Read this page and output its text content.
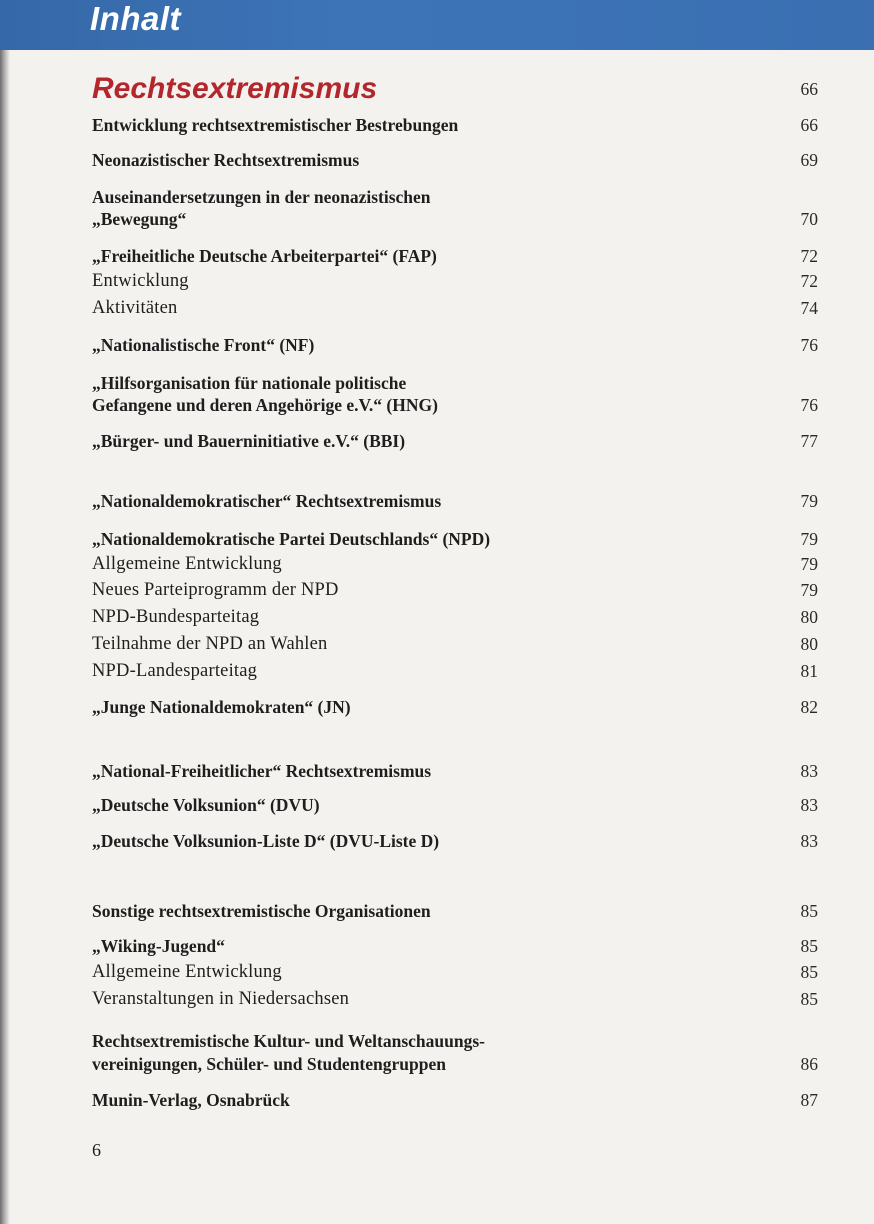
Inhalt
Rechtsextremismus	66
Entwicklung rechtsextremistischer Bestrebungen	66
Neonazistischer Rechtsextremismus	69
Auseinandersetzungen in der neonazistischen
„Bewegung“	70
„Freiheitliche Deutsche Arbeiterpartei“ (FAP)	72
Entwicklung	72
Aktivitäten	74
„Nationalistische Front“ (NF)	76
„Hilfsorganisation für nationale politische
Gefangene und deren Angehörige e.V.“ (HNG)	76
„Bürger- und Bauerninitiative e.V.“ (BBI)	77
„Nationaldemokratischer“ Rechtsextremismus	79
„Nationaldemokratische Partei Deutschlands“ (NPD)	79
Allgemeine Entwicklung	79
Neues Parteiprogramm der NPD	79
NPD-Bundesparteitag	80
Teilnahme der NPD an Wahlen	80
NPD-Landesparteitag	81
„Junge Nationaldemokraten“ (JN)	82
„National-Freiheitlicher“ Rechtsextremismus	83
„Deutsche Volksunion“ (DVU)	83
„Deutsche Volksunion-Liste D“ (DVU-Liste D)	83
Sonstige rechtsextremistische Organisationen	85
„Wiking-Jugend“	85
Allgemeine Entwicklung	85
Veranstaltungen in Niedersachsen	85
Rechtsextremistische Kultur- und Weltanschauungs-
vereinigungen, Schüler- und Studentengruppen	86
Munin-Verlag, Osnabrück	87
6
